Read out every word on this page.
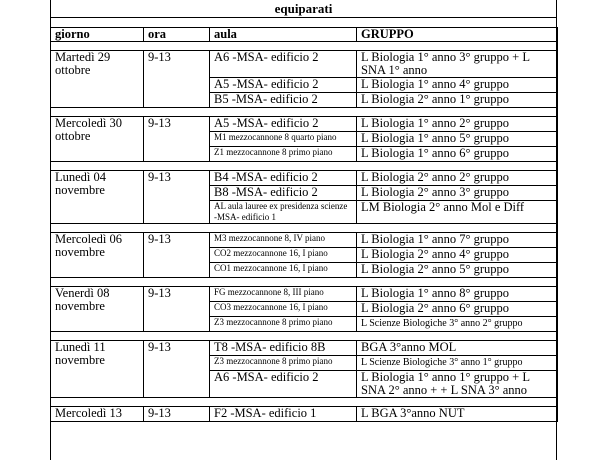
equiparati
giorno	ora	aula	GRUPPO

Martedì 29 ottobre	9-13	A6 -MSA- edificio 2	L Biologia 1° anno 3° gruppo + L SNA 1° anno
		A5 -MSA- edificio 2	L Biologia 1° anno 4° gruppo
		B5 -MSA- edificio 2	L Biologia 2° anno 1° gruppo

Mercoledì 30 ottobre	9-13	A5 -MSA- edificio 2	L Biologia 1° anno 2° gruppo
		M1 mezzocannone 8 quarto piano	L Biologia 1° anno 5° gruppo
		Z1 mezzocannone 8 primo piano	L Biologia 1° anno 6° gruppo

Lunedì 04 novembre	9-13	B4 -MSA- edificio 2	L Biologia 2° anno 2° gruppo
		B8 -MSA- edificio 2	L Biologia 2° anno 3° gruppo
		AL aula lauree ex presidenza scienze -MSA- edificio 1	LM Biologia 2° anno Mol e Diff

Mercoledì 06 novembre	9-13	M3 mezzocannone 8, IV piano	L Biologia 1° anno 7° gruppo
		CO2 mezzocannone 16, I piano	L Biologia 2° anno 4° gruppo
		CO1 mezzocannone 16, I piano	L Biologia 2° anno 5° gruppo

Venerdì 08 novembre	9-13	FG mezzocannone 8, III piano	L Biologia 1° anno 8° gruppo
		CO3 mezzocannone 16, I piano	L Biologia 2° anno 6° gruppo
		Z3 mezzocannone 8 primo piano	L Scienze Biologiche 3° anno 2° gruppo

Lunedì 11 novembre	9-13	T8 -MSA- edificio 8B	BGA 3°anno MOL
		Z3 mezzocannone 8 primo piano	L Scienze Biologiche 3° anno 1° gruppo
		A6 -MSA- edificio 2	L Biologia 1° anno 1° gruppo + L SNA 2° anno + + L SNA 3° anno

Mercoledì 13	9-13	F2 -MSA- edificio 1	L BGA 3°anno NUT
